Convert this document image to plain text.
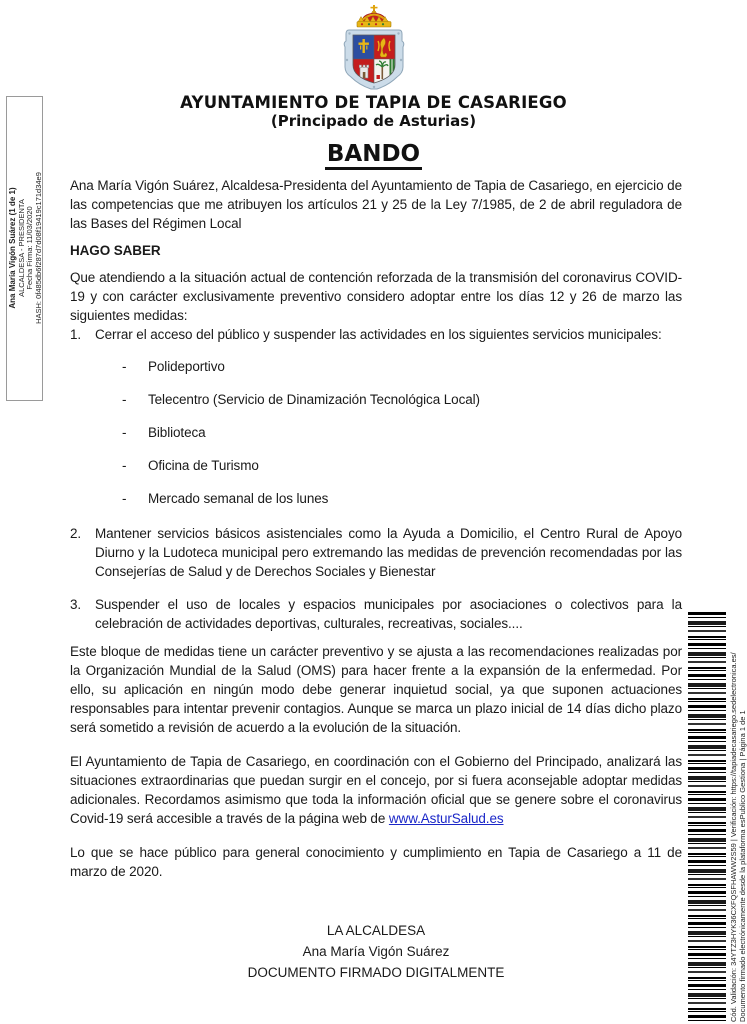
AYUNTAMIENTO DE TAPIA DE CASARIEGO
(Principado de Asturias)
BANDO

Ana María Vigón Suárez, Alcaldesa-Presidenta del Ayuntamiento de Tapia de Casariego, en ejercicio de las competencias que me atribuyen los artículos 21 y 25 de la Ley 7/1985, de 2 de abril reguladora de las Bases del Régimen Local

HAGO SABER

Que atendiendo a la situación actual de contención reforzada de la transmisión del coronavirus COVID-19 y con carácter exclusivamente preventivo considero adoptar entre los días 12 y 26 de marzo las siguientes medidas:

1.	Cerrar el acceso del público y suspender las actividades en los siguientes servicios municipales:
-	Polideportivo
-	Telecentro (Servicio de Dinamización Tecnológica Local)
-	Biblioteca
-	Oficina de Turismo
-	Mercado semanal de los lunes
2.	Mantener servicios básicos asistenciales como la Ayuda a Domicilio, el Centro Rural de Apoyo Diurno y la Ludoteca municipal pero extremando las medidas de prevención recomendadas por las Consejerías de Salud y de Derechos Sociales y Bienestar
3.	Suspender el uso de locales y espacios municipales por asociaciones o colectivos para la celebración de actividades deportivas, culturales, recreativas, sociales....

Este bloque de medidas tiene un carácter preventivo y se ajusta a las recomendaciones realizadas por la Organización Mundial de la Salud (OMS) para hacer frente a la expansión de la enfermedad. Por ello, su aplicación en ningún modo debe generar inquietud social, ya que suponen actuaciones responsables para intentar prevenir contagios. Aunque se marca un plazo inicial de 14 días dicho plazo será sometido a revisión de acuerdo a la evolución de la situación.

El Ayuntamiento de Tapia de Casariego, en coordinación con el Gobierno del Principado, analizará las situaciones extraordinarias que puedan surgir en el concejo, por si fuera aconsejable adoptar medidas adicionales. Recordamos asimismo que toda la información oficial que se genere sobre el coronavirus Covid-19 será accesible a través de la página web de www.AsturSalud.es

Lo que se hace público para general conocimiento y cumplimiento en Tapia de Casariego a 11 de marzo de 2020.

LA ALCALDESA
Ana María Vigón Suárez
DOCUMENTO FIRMADO DIGITALMENTE
Ana María Vigón Suárez (1 de 1) ALCALDESA - PRESIDENTA Fecha Firma: 11/03/2020 HASH: 0f485db6f287d7d08f19419c171d34e9
Cód. Validación: 34YTZ3HYK36CXFQSFHAWW2S59 | Verificación: https://tapiadecasariego.sedelectronica.es/ Documento firmado electrónicamente desde la plataforma esPublico Gestiona | Página 1 de 1
